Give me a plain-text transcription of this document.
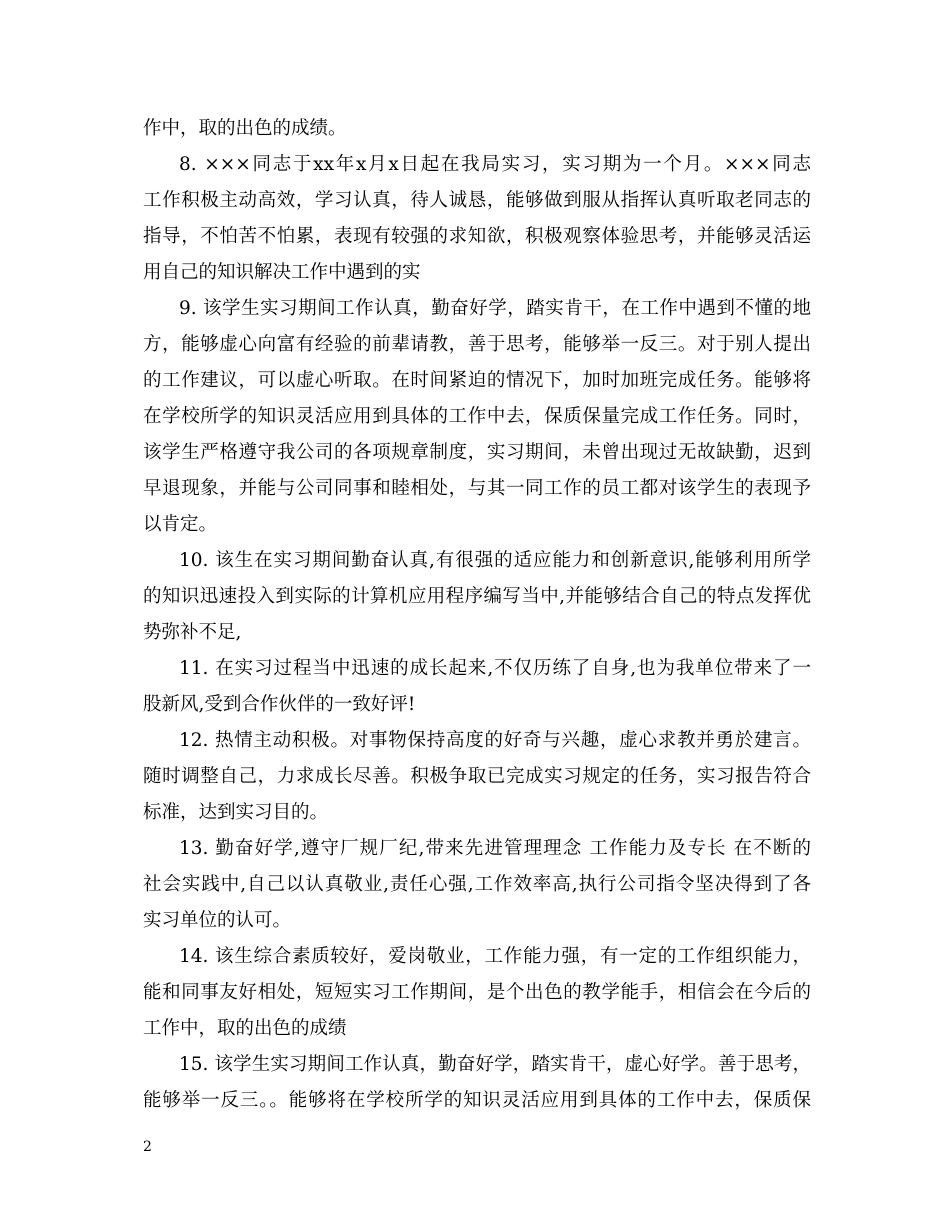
作中，取的出色的成绩。
8. ×××同志于xx年x月x日起在我局实习，实习期为一个月。×××同志
工作积极主动高效，学习认真，待人诚恳，能够做到服从指挥认真听取老同志的
指导，不怕苦不怕累，表现有较强的求知欲，积极观察体验思考，并能够灵活运
用自己的知识解决工作中遇到的实
9. 该学生实习期间工作认真，勤奋好学，踏实肯干，在工作中遇到不懂的地
方，能够虚心向富有经验的前辈请教，善于思考，能够举一反三。对于别人提出
的工作建议，可以虚心听取。在时间紧迫的情况下，加时加班完成任务。能够将
在学校所学的知识灵活应用到具体的工作中去，保质保量完成工作任务。同时，
该学生严格遵守我公司的各项规章制度，实习期间，未曾出现过无故缺勤，迟到
早退现象，并能与公司同事和睦相处，与其一同工作的员工都对该学生的表现予
以肯定。
10. 该生在实习期间勤奋认真,有很强的适应能力和创新意识,能够利用所学
的知识迅速投入到实际的计算机应用程序编写当中,并能够结合自己的特点发挥优
势弥补不足,
11. 在实习过程当中迅速的成长起来,不仅历练了自身,也为我单位带来了一
股新风,受到合作伙伴的一致好评!
12. 热情主动积极。对事物保持高度的好奇与兴趣，虚心求教并勇於建言。
随时调整自己，力求成长尽善。积极争取已完成实习规定的任务，实习报告符合
标准，达到实习目的。
13. 勤奋好学,遵守厂规厂纪,带来先进管理理念 工作能力及专长 在不断的
社会实践中,自己以认真敬业,责任心强,工作效率高,执行公司指令坚决得到了各
实习单位的认可。
14. 该生综合素质较好，爱岗敬业，工作能力强，有一定的工作组织能力，
能和同事友好相处，短短实习工作期间，是个出色的教学能手，相信会在今后的
工作中，取的出色的成绩
15. 该学生实习期间工作认真，勤奋好学，踏实肯干，虚心好学。善于思考，
能够举一反三。。能够将在学校所学的知识灵活应用到具体的工作中去，保质保
2
